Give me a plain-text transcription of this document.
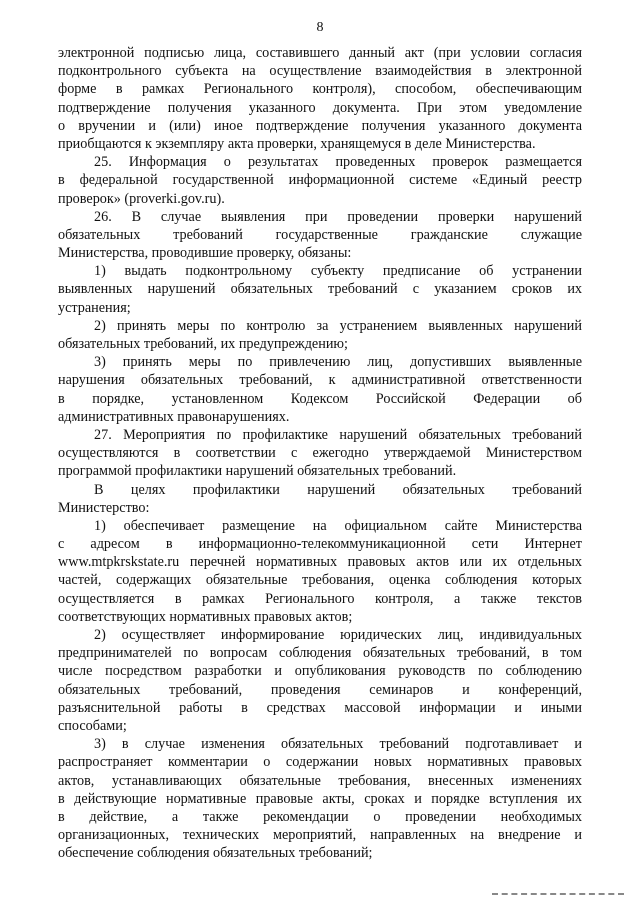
8
электронной подписью лица, составившего данный акт (при условии согласия
подконтрольного субъекта на осуществление взаимодействия в электронной
форме в рамках Регионального контроля), способом, обеспечивающим
подтверждение получения указанного документа. При этом уведомление
о вручении и (или) иное подтверждение получения указанного документа
приобщаются к экземпляру акта проверки, хранящемуся в деле Министерства.
25. Информация о результатах проведенных проверок размещается
в федеральной государственной информационной системе «Единый реестр
проверок» (proverki.gov.ru).
26. В случае выявления при проведении проверки нарушений
обязательных требований государственные гражданские служащие
Министерства, проводившие проверку, обязаны:
1) выдать подконтрольному субъекту предписание об устранении
выявленных нарушений обязательных требований с указанием сроков их
устранения;
2) принять меры по контролю за устранением выявленных нарушений
обязательных требований, их предупреждению;
3) принять меры по привлечению лиц, допустивших выявленные
нарушения обязательных требований, к административной ответственности
в порядке, установленном Кодексом Российской Федерации об
административных правонарушениях.
27. Мероприятия по профилактике нарушений обязательных требований
осуществляются в соответствии с ежегодно утверждаемой Министерством
программой профилактики нарушений обязательных требований.
В целях профилактики нарушений обязательных требований
Министерство:
1) обеспечивает размещение на официальном сайте Министерства
с адресом в информационно-телекоммуникационной сети Интернет
www.mtpkrskstate.ru перечней нормативных правовых актов или их отдельных
частей, содержащих обязательные требования, оценка соблюдения которых
осуществляется в рамках Регионального контроля, а также текстов
соответствующих нормативных правовых актов;
2) осуществляет информирование юридических лиц, индивидуальных
предпринимателей по вопросам соблюдения обязательных требований, в том
числе посредством разработки и опубликования руководств по соблюдению
обязательных требований, проведения семинаров и конференций,
разъяснительной работы в средствах массовой информации и иными
способами;
3) в случае изменения обязательных требований подготавливает и
распространяет комментарии о содержании новых нормативных правовых
актов, устанавливающих обязательные требования, внесенных изменениях
в действующие нормативные правовые акты, сроках и порядке вступления их
в действие, а также рекомендации о проведении необходимых
организационных, технических мероприятий, направленных на внедрение и
обеспечение соблюдения обязательных требований;
